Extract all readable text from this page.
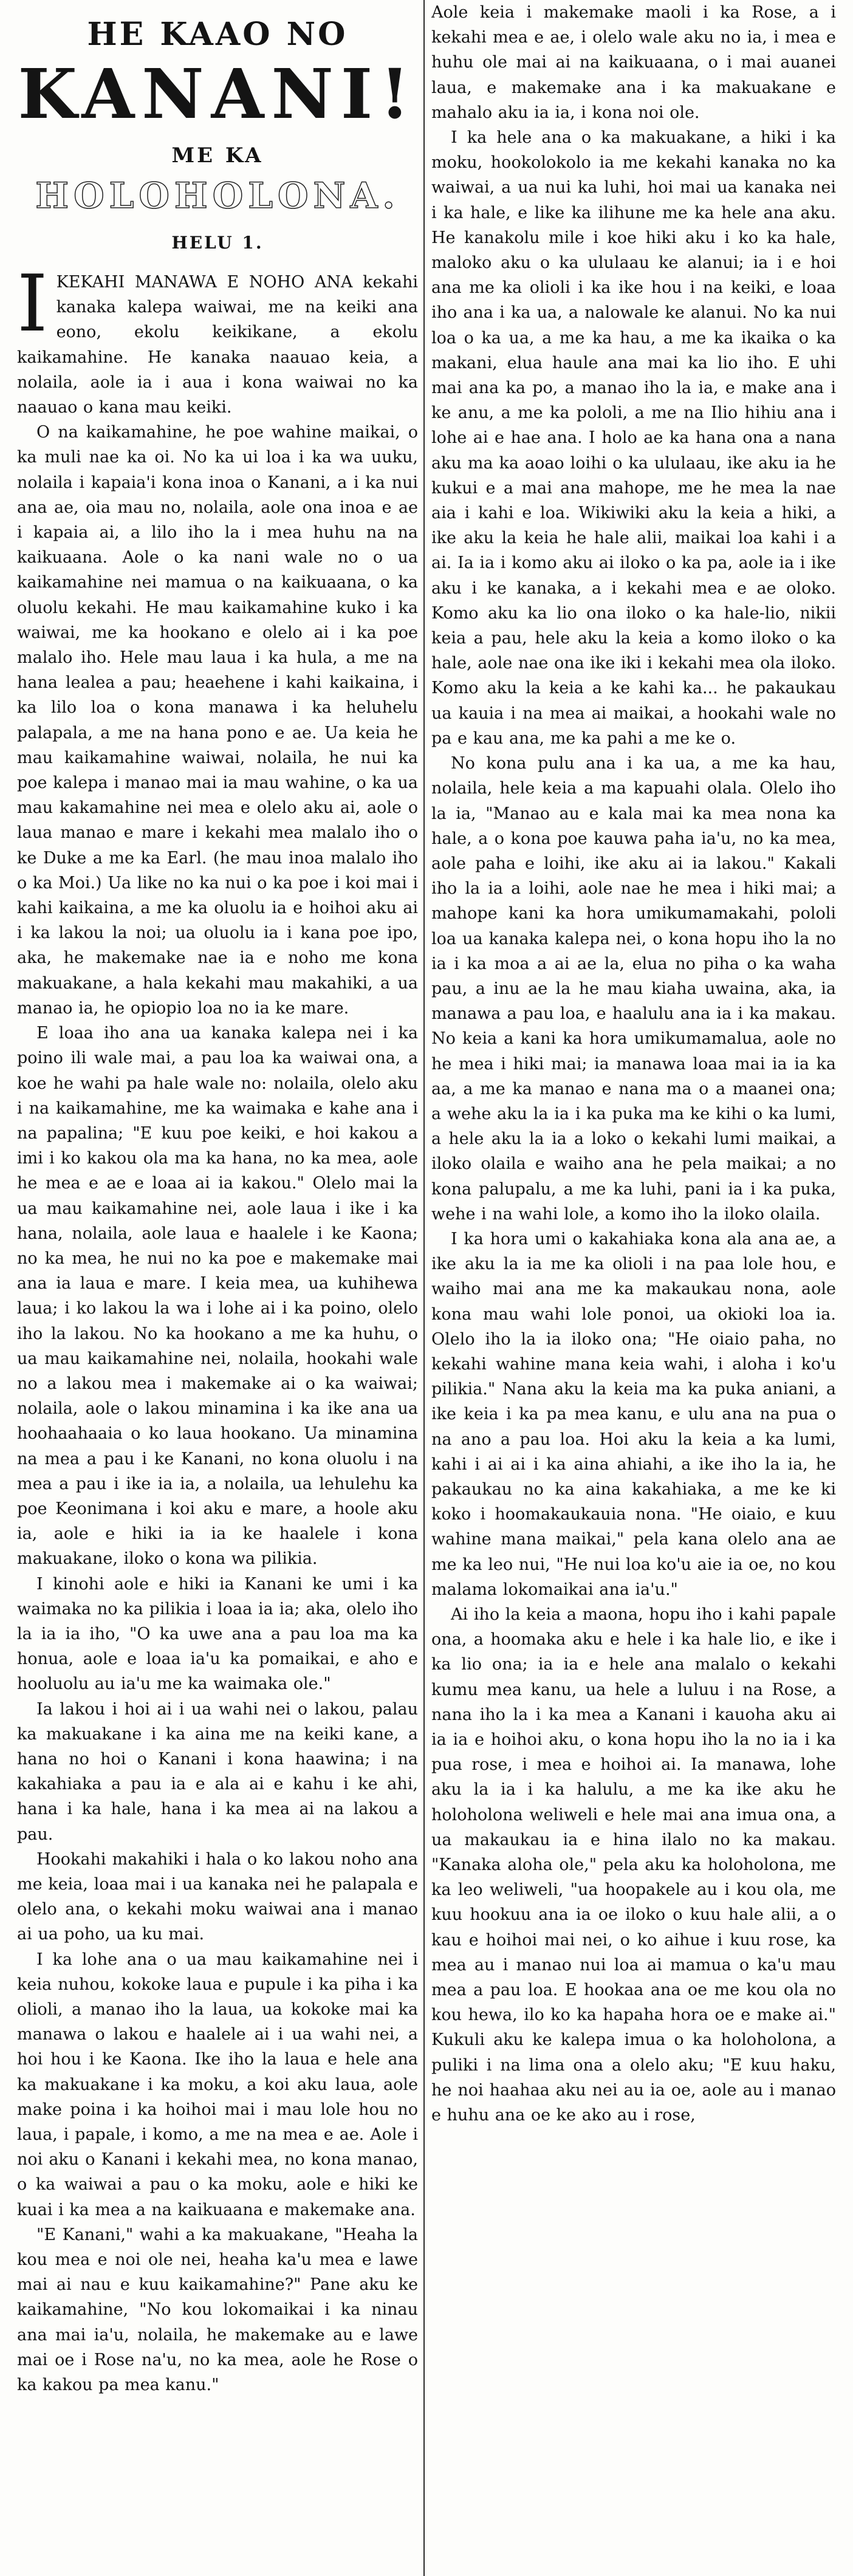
HE KAAO NO
KANANI!
ME KA
HOLOHOLONA.
HELU 1.

IKEKAHI MANAWA E NOHO ANA kekahi kanaka kalepa waiwai, me na keiki ana eono, ekolu keikikane, a ekolu kaikamahine. He kanaka naauao keia, a nolaila, aole ia i aua i kona waiwai no ka naauao o kana mau keiki.

O na kaikamahine, he poe wahine maikai, o ka muli nae ka oi. No ka ui loa i ka wa uuku, nolaila i kapaia'i kona inoa o Kanani, a i ka nui ana ae, oia mau no, nolaila, aole ona inoa e ae i kapaia ai, a lilo iho la i mea huhu na na kaikuaana. Aole o ka nani wale no o ua kaikamahine nei mamua o na kaikuaana, o ka oluolu kekahi. He mau kaikamahine kuko i ka waiwai, me ka hookano e olelo ai i ka poe malalo iho. Hele mau laua i ka hula, a me na hana lealea a pau; heaehene i kahi kaikaina, i ka lilo loa o kona manawa i ka heluhelu palapala, a me na hana pono e ae. Ua keia he mau kaikamahine waiwai, nolaila, he nui ka poe kalepa i manao mai ia mau wahine, o ka ua mau kakamahine nei mea e olelo aku ai, aole o laua manao e mare i kekahi mea malalo iho o ke Duke a me ka Earl. (he mau inoa malalo iho o ka Moi.) Ua like no ka nui o ka poe i koi mai i kahi kaikaina, a me ka oluolu ia e hoihoi aku ai i ka lakou la noi; ua oluolu ia i kana poe ipo, aka, he makemake nae ia e noho me kona makuakane, a hala kekahi mau makahiki, a ua manao ia, he opiopio loa no ia ke mare.

E loaa iho ana ua kanaka kalepa nei i ka poino ili wale mai, a pau loa ka waiwai ona, a koe he wahi pa hale wale no: nolaila, olelo aku i na kaikamahine, me ka waimaka e kahe ana i na papalina; "E kuu poe keiki, e hoi kakou a imi i ko kakou ola ma ka hana, no ka mea, aole he mea e ae e loaa ai ia kakou." Olelo mai la ua mau kaikamahine nei, aole laua i ike i ka hana, nolaila, aole laua e haalele i ke Kaona; no ka mea, he nui no ka poe e makemake mai ana ia laua e mare. I keia mea, ua kuhihewa laua; i ko lakou la wa i lohe ai i ka poino, olelo iho la lakou. No ka hookano a me ka huhu, o ua mau kaikamahine nei, nolaila, hookahi wale no a lakou mea i makemake ai o ka waiwai; nolaila, aole o lakou minamina i ka ike ana ua hoohaahaaia o ko laua hookano. Ua minamina na mea a pau i ke Kanani, no kona oluolu i na mea a pau i ike ia ia, a nolaila, ua lehulehu ka poe Keonimana i koi aku e mare, a hoole aku ia, aole e hiki ia ia ke haalele i kona makuakane, iloko o kona wa pilikia.

I kinohi aole e hiki ia Kanani ke umi i ka waimaka no ka pilikia i loaa ia ia; aka, olelo iho la ia ia iho, "O ka uwe ana a pau loa ma ka honua, aole e loaa ia'u ka pomaikai, e aho e hooluolu au ia'u me ka waimaka ole."

Ia lakou i hoi ai i ua wahi nei o lakou, palau ka makuakane i ka aina me na keiki kane, a hana no hoi o Kanani i kona haawina; i na kakahiaka a pau ia e ala ai e kahu i ke ahi, hana i ka hale, hana i ka mea ai na lakou a pau.

Hookahi makahiki i hala o ko lakou noho ana me keia, loaa mai i ua kanaka nei he palapala e olelo ana, o kekahi moku waiwai ana i manao ai ua poho, ua ku mai.

I ka lohe ana o ua mau kaikamahine nei i keia nuhou, kokoke laua e pupule i ka piha i ka olioli, a manao iho la laua, ua kokoke mai ka manawa o lakou e haalele ai i ua wahi nei, a hoi hou i ke Kaona. Ike iho la laua e hele ana ka makuakane i ka moku, a koi aku laua, aole make poina i ka hoihoi mai i mau lole hou no laua, i papale, i komo, a me na mea e ae. Aole i noi aku o Kanani i kekahi mea, no kona manao, o ka waiwai a pau o ka moku, aole e hiki ke kuai i ka mea a na kaikuaana e makemake ana.

"E Kanani," wahi a ka makuakane, "Heaha la kou mea e noi ole nei, heaha ka'u mea e lawe mai ai nau e kuu kaikamahine?" Pane aku ke kaikamahine, "No kou lokomaikai i ka ninau ana mai ia'u, nolaila, he makemake au e lawe mai oe i Rose na'u, no ka mea, aole he Rose o ka kakou pa mea kanu."

Aole keia i makemake maoli i ka Rose, a i kekahi mea e ae, i olelo wale aku no ia, i mea e huhu ole mai ai na kaikuaana, o i mai auanei laua, e makemake ana i ka makuakane e mahalo aku ia ia, i kona noi ole.

I ka hele ana o ka makuakane, a hiki i ka moku, hookolokolo ia me kekahi kanaka no ka waiwai, a ua nui ka luhi, hoi mai ua kanaka nei i ka hale, e like ka ilihune me ka hele ana aku. He kanakolu mile i koe hiki aku i ko ka hale, maloko aku o ka ululaau ke alanui; ia i e hoi ana me ka olioli i ka ike hou i na keiki, e loaa iho ana i ka ua, a nalowale ke alanui. No ka nui loa o ka ua, a me ka hau, a me ka ikaika o ka makani, elua haule ana mai ka lio iho. E uhi mai ana ka po, a manao iho la ia, e make ana i ke anu, a me ka pololi, a me na Ilio hihiu ana i lohe ai e hae ana. I holo ae ka hana ona a nana aku ma ka aoao loihi o ka ululaau, ike aku ia he kukui e a mai ana mahope, me he mea la nae aia i kahi e loa. Wikiwiki aku la keia a hiki, a ike aku la keia he hale alii, maikai loa kahi i a ai. Ia ia i komo aku ai iloko o ka pa, aole ia i ike aku i ke kanaka, a i kekahi mea e ae oloko. Komo aku ka lio ona iloko o ka hale-lio, nikii keia a pau, hele aku la keia a komo iloko o ka hale, aole nae ona ike iki i kekahi mea ola iloko. Komo aku la keia a ke kahi ka... he pakaukau ua kauia i na mea ai maikai, a hookahi wale no pa e kau ana, me ka pahi a me ke o.

No kona pulu ana i ka ua, a me ka hau, nolaila, hele keia a ma kapuahi olala. Olelo iho la ia, "Manao au e kala mai ka mea nona ka hale, a o kona poe kauwa paha ia'u, no ka mea, aole paha e loihi, ike aku ai ia lakou." Kakali iho la ia a loihi, aole nae he mea i hiki mai; a mahope kani ka hora umikumamakahi, pololi loa ua kanaka kalepa nei, o kona hopu iho la no ia i ka moa a ai ae la, elua no piha o ka waha pau, a inu ae la he mau kiaha uwaina, aka, ia manawa a pau loa, e haalulu ana ia i ka makau. No keia a kani ka hora umikumamalua, aole no he mea i hiki mai; ia manawa loaa mai ia ia ka aa, a me ka manao e nana ma o a maanei ona; a wehe aku la ia i ka puka ma ke kihi o ka lumi, a hele aku la ia a loko o kekahi lumi maikai, a iloko olaila e waiho ana he pela maikai; a no kona palupalu, a me ka luhi, pani ia i ka puka, wehe i na wahi lole, a komo iho la iloko olaila.

I ka hora umi o kakahiaka kona ala ana ae, a ike aku la ia me ka olioli i na paa lole hou, e waiho mai ana me ka makaukau nona, aole kona mau wahi lole ponoi, ua okioki loa ia. Olelo iho la ia iloko ona; "He oiaio paha, no kekahi wahine mana keia wahi, i aloha i ko'u pilikia." Nana aku la keia ma ka puka aniani, a ike keia i ka pa mea kanu, e ulu ana na pua o na ano a pau loa. Hoi aku la keia a ka lumi, kahi i ai ai i ka aina ahiahi, a ike iho la ia, he pakaukau no ka aina kakahiaka, a me ke ki koko i hoomakaukauia nona. "He oiaio, e kuu wahine mana maikai," pela kana olelo ana ae me ka leo nui, "He nui loa ko'u aie ia oe, no kou malama lokomaikai ana ia'u."

Ai iho la keia a maona, hopu iho i kahi papale ona, a hoomaka aku e hele i ka hale lio, e ike i ka lio ona; ia ia e hele ana malalo o kekahi kumu mea kanu, ua hele a luluu i na Rose, a nana iho la i ka mea a Kanani i kauoha aku ai ia ia e hoihoi aku, o kona hopu iho la no ia i ka pua rose, i mea e hoihoi ai. Ia manawa, lohe aku la ia i ka halulu, a me ka ike aku he holoholona weliweli e hele mai ana imua ona, a ua makaukau ia e hina ilalo no ka makau. "Kanaka aloha ole," pela aku ka holoholona, me ka leo weliweli, "ua hoopakele au i kou ola, me kuu hookuu ana ia oe iloko o kuu hale alii, a o kau e hoihoi mai nei, o ko aihue i kuu rose, ka mea au i manao nui loa ai mamua o ka'u mau mea a pau loa. E hookaa ana oe me kou ola no kou hewa, ilo ko ka hapaha hora oe e make ai." Kukuli aku ke kalepa imua o ka holoholona, a puliki i na lima ona a olelo aku; "E kuu haku, he noi haahaa aku nei au ia oe, aole au i manao e huhu ana oe ke ako au i rose,
